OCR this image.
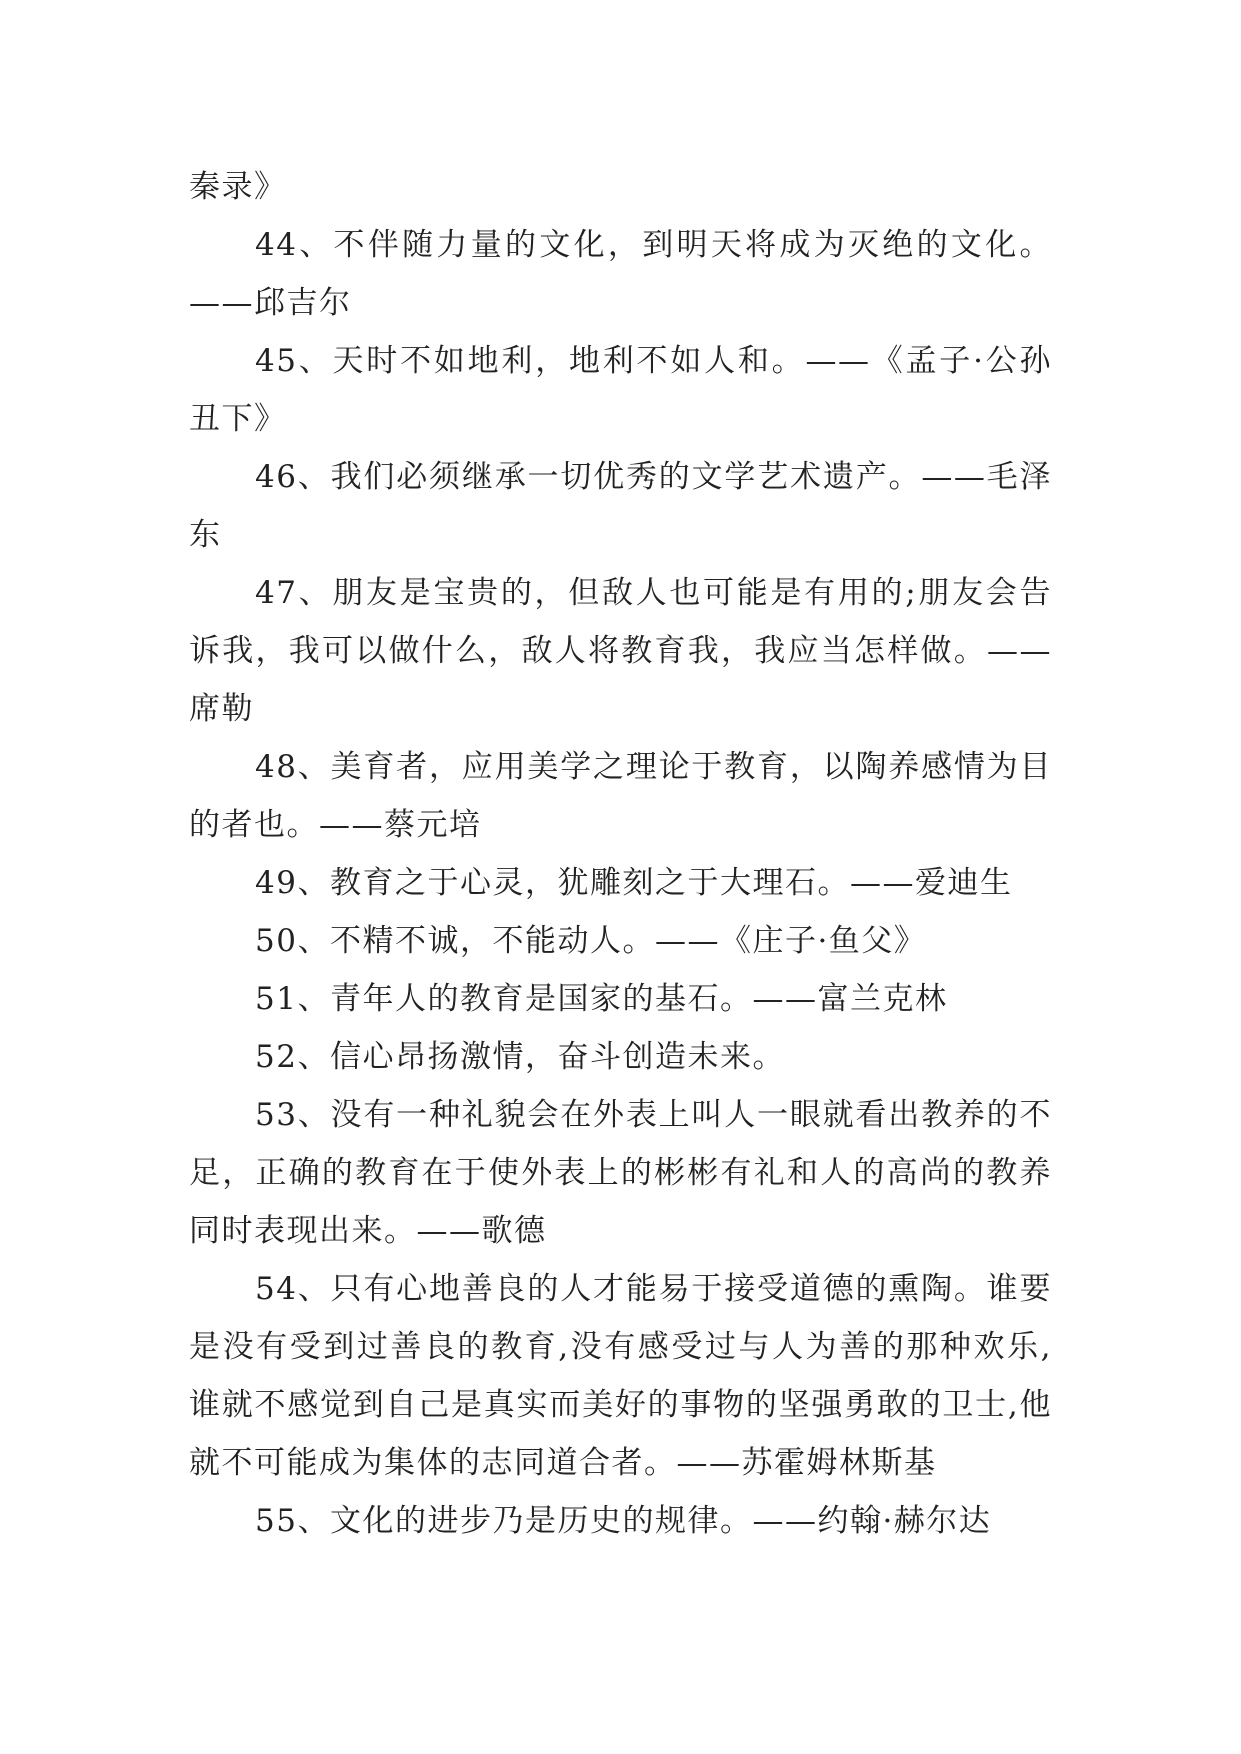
秦录》

44、不伴随力量的文化，到明天将成为灭绝的文化。——邱吉尔

45、天时不如地利，地利不如人和。——《孟子·公孙丑下》

46、我们必须继承一切优秀的文学艺术遗产。——毛泽东

47、朋友是宝贵的，但敌人也可能是有用的;朋友会告诉我，我可以做什么，敌人将教育我，我应当怎样做。——席勒

48、美育者，应用美学之理论于教育，以陶养感情为目的者也。——蔡元培

49、教育之于心灵，犹雕刻之于大理石。——爱迪生

50、不精不诚，不能动人。——《庄子·鱼父》

51、青年人的教育是国家的基石。——富兰克林

52、信心昂扬激情，奋斗创造未来。

53、没有一种礼貌会在外表上叫人一眼就看出教养的不足，正确的教育在于使外表上的彬彬有礼和人的高尚的教养同时表现出来。——歌德

54、只有心地善良的人才能易于接受道德的熏陶。谁要是没有受到过善良的教育,没有感受过与人为善的那种欢乐,谁就不感觉到自己是真实而美好的事物的坚强勇敢的卫士,他就不可能成为集体的志同道合者。——苏霍姆林斯基

55、文化的进步乃是历史的规律。——约翰·赫尔达
